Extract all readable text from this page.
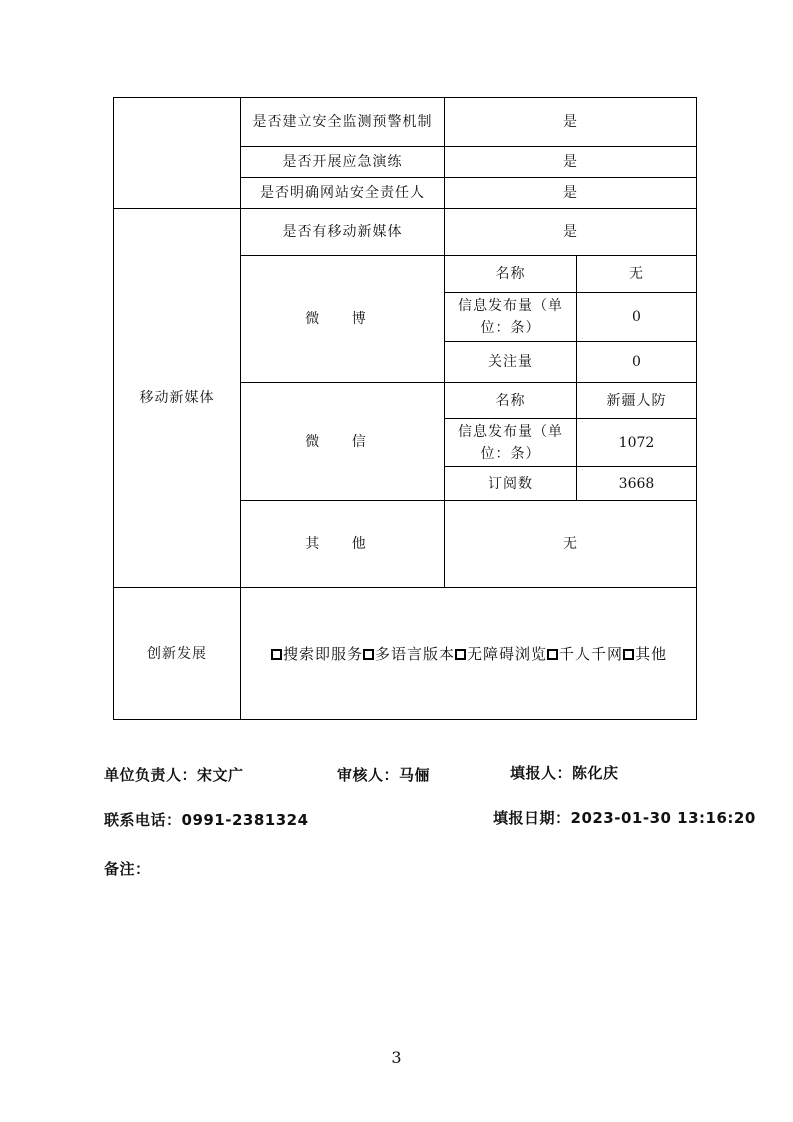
	是否建立安全监测预警机制	是	
	是否开展应急演练	是	
	是否明确网站安全责任人	是	
移动新媒体	是否有移动新媒体	是	
	微 博	名称	无
		信息发布量（单位：条）	0
		关注量	0
	微 信	名称	新疆人防
		信息发布量（单位：条）	1072
		订阅数	3668
	其 他	无	
创新发展	搜索即服务 多语言版本 无障碍浏览 千人千网 其他		
单位负责人：宋文广	审核人：马俪	填报人：陈化庆
联系电话：0991-2381324	填报日期：2023-01-30 13:16:20
备注：
3
